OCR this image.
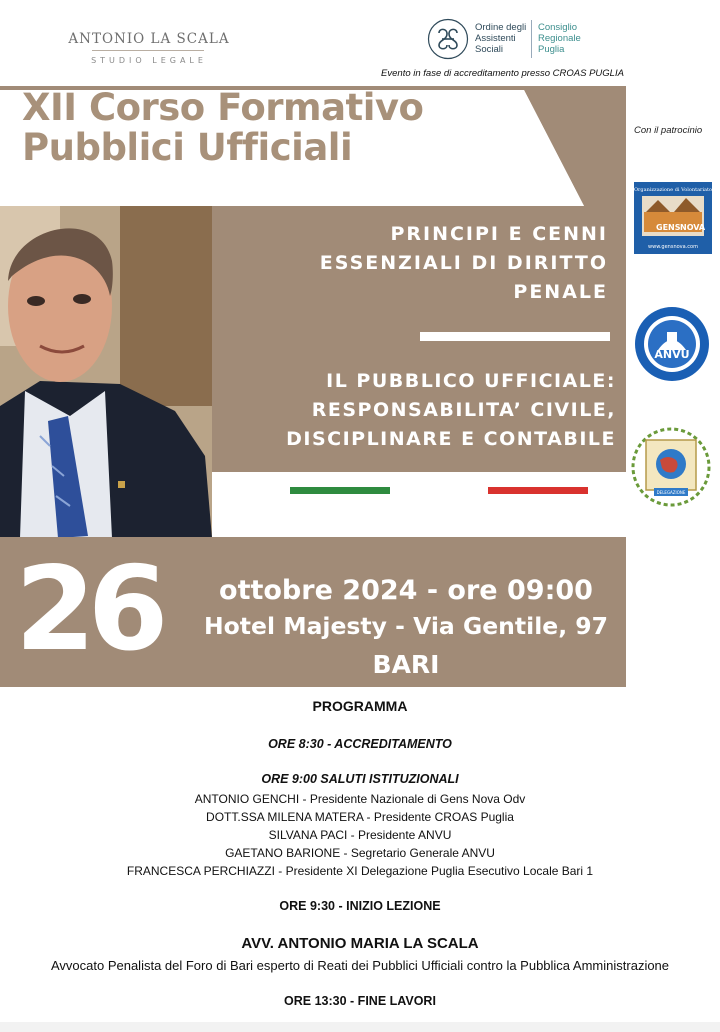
ANTONIO LA SCALA
STUDIO LEGALE
Ordine degli
Assistenti
Sociali
Consiglio
Regionale
Puglia
Evento in fase di accreditamento presso CROAS PUGLIA
XII Corso Formativo
Pubblici Ufficiali	Con il patrocinio
PRINCIPI E CENNI
ESSENZIALI DI DIRITTO
PENALE
IL PUBBLICO UFFICIALE:
RESPONSABILITA’ CIVILE,
DISCIPLINARE E CONTABILE
Organizzazione di Volontariato
GENS NOVA
www.gensnova.com
ANVU
DELEGAZIONE
26	ottobre 2024 - ore 09:00
Hotel Majesty - Via Gentile, 97
BARI
PROGRAMMA
ORE 8:30 - ACCREDITAMENTO
ORE 9:00 SALUTI ISTITUZIONALI
ANTONIO GENCHI - Presidente Nazionale di Gens Nova Odv
DOTT.SSA MILENA MATERA - Presidente CROAS Puglia
SILVANA PACI - Presidente ANVU
GAETANO BARIONE - Segretario Generale ANVU
FRANCESCA PERCHIAZZI - Presidente XI Delegazione Puglia Esecutivo Locale Bari 1
ORE 9:30 - INIZIO LEZIONE
AVV. ANTONIO MARIA LA SCALA
Avvocato Penalista del Foro di Bari esperto di Reati dei Pubblici Ufficiali contro la Pubblica Amministrazione
ORE 13:30 - FINE LAVORI
